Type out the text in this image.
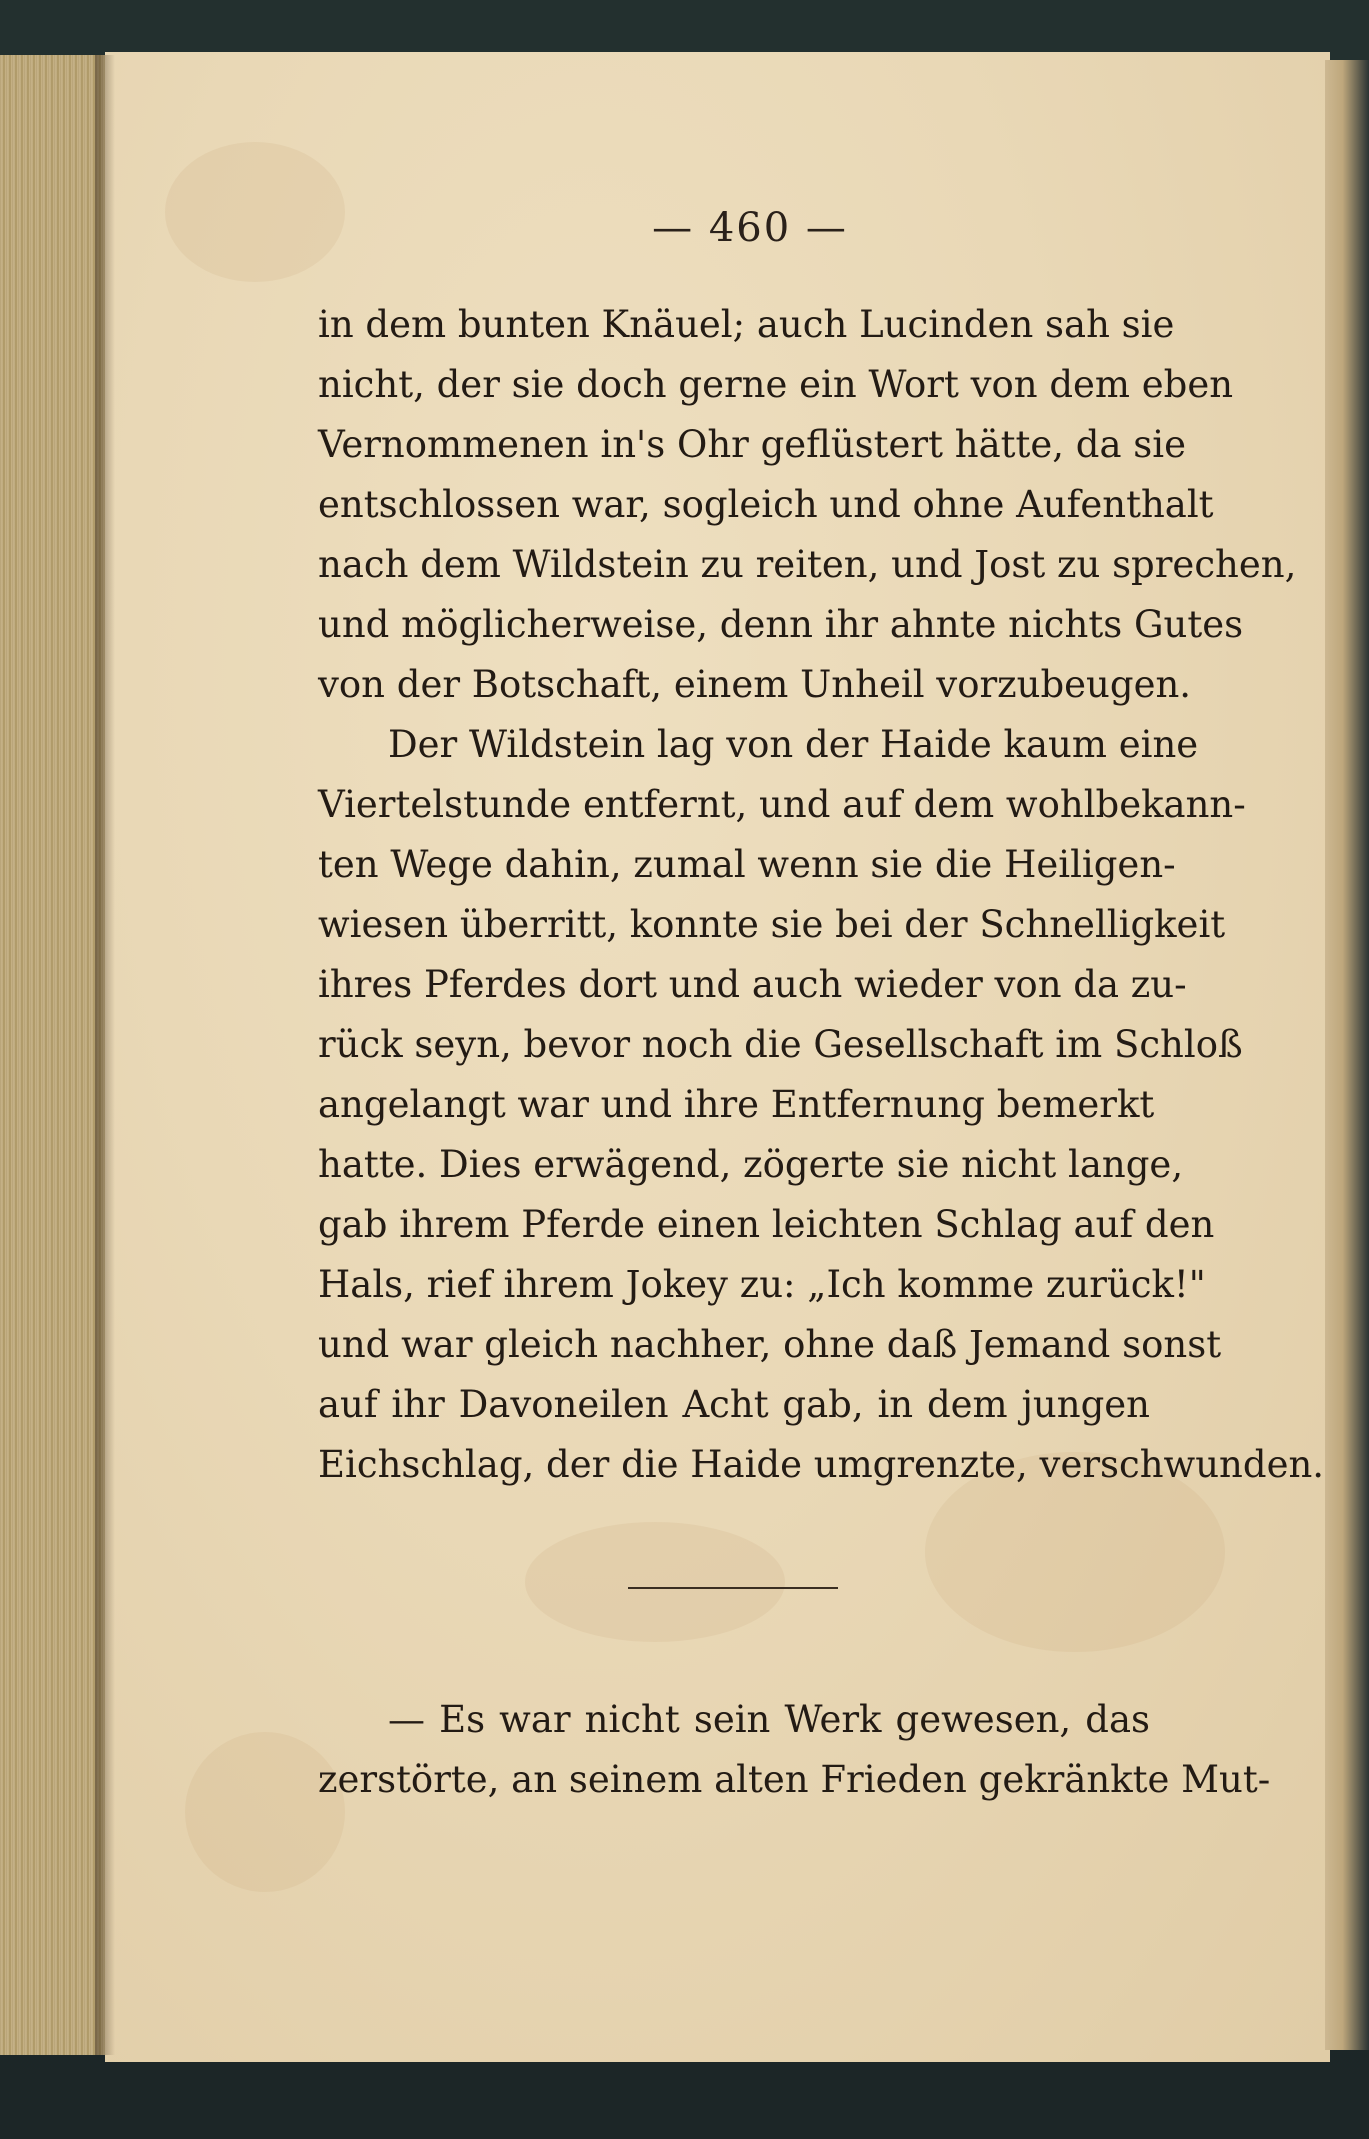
— 460 —
in dem bunten Knäuel; auch Lucinden sah sie
nicht, der sie doch gerne ein Wort von dem eben
Vernommenen in's Ohr geflüstert hätte, da sie
entschlossen war, sogleich und ohne Aufenthalt
nach dem Wildstein zu reiten, und Jost zu sprechen,
und möglicherweise, denn ihr ahnte nichts Gutes
von der Botschaft, einem Unheil vorzubeugen.
Der Wildstein lag von der Haide kaum eine
Viertelstunde entfernt, und auf dem wohlbekann-
ten Wege dahin, zumal wenn sie die Heiligen-
wiesen überritt, konnte sie bei der Schnelligkeit
ihres Pferdes dort und auch wieder von da zu-
rück seyn, bevor noch die Gesellschaft im Schloß
angelangt war und ihre Entfernung bemerkt
hatte. Dies erwägend, zögerte sie nicht lange,
gab ihrem Pferde einen leichten Schlag auf den
Hals, rief ihrem Jokey zu: „Ich komme zurück!"
und war gleich nachher, ohne daß Jemand sonst
auf ihr Davoneilen Acht gab, in dem jungen
Eichschlag, der die Haide umgrenzte, verschwunden.
— Es war nicht sein Werk gewesen, das
zerstörte, an seinem alten Frieden gekränkte Mut-
